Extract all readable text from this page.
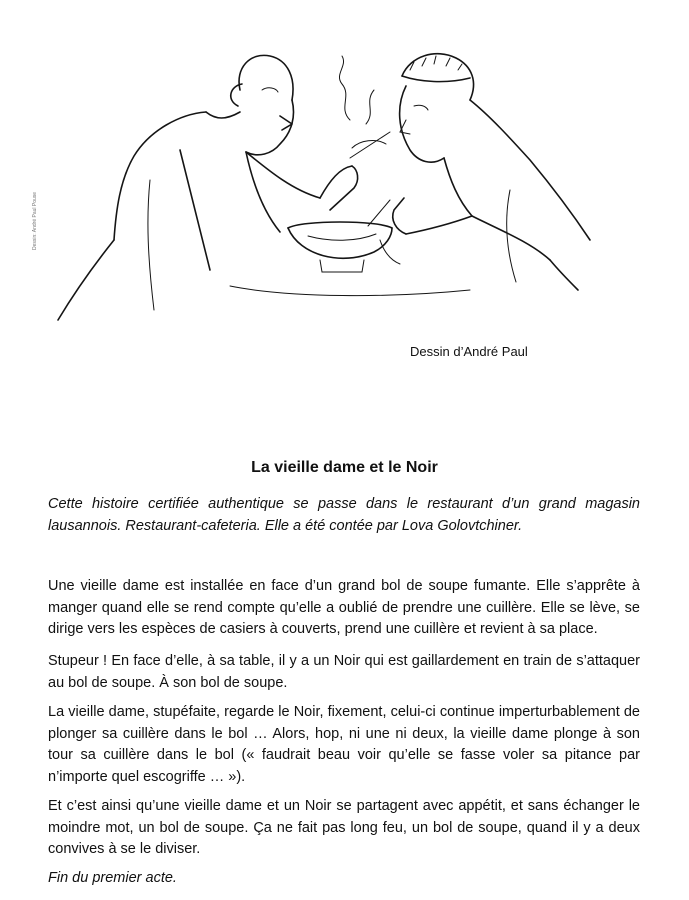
Dessin: André Paul Pouse
Dessin d’André Paul
La vieille dame et le Noir
Cette histoire certifiée authentique se passe dans le restaurant d’un grand magasin lausannois. Restaurant-cafeteria. Elle a été contée par Lova Golovtchiner.
Une vieille dame est installée en face d’un grand bol de soupe fumante. Elle s’apprête à manger quand elle se rend compte qu’elle a oublié de prendre une cuillère. Elle se lève, se dirige vers les espèces de casiers à couverts, prend une cuillère et revient à sa place.
Stupeur ! En face d’elle, à sa table, il y a un Noir qui est gaillardement en train de s’attaquer au bol de soupe. À son bol de soupe.
La vieille dame, stupéfaite, regarde le Noir, fixement, celui-ci continue imperturbablement de plonger sa cuillère dans le bol … Alors, hop, ni une ni deux, la vieille dame plonge à son tour sa cuillère dans le bol (« faudrait beau voir qu’elle se fasse voler sa pitance par n’importe quel escogriffe … »).
Et c’est ainsi qu’une vieille dame et un Noir se partagent avec appétit, et sans échanger le moindre mot, un bol de soupe. Ça ne fait pas long feu, un bol de soupe, quand il y a deux convives à se le diviser.
Fin du premier acte.
